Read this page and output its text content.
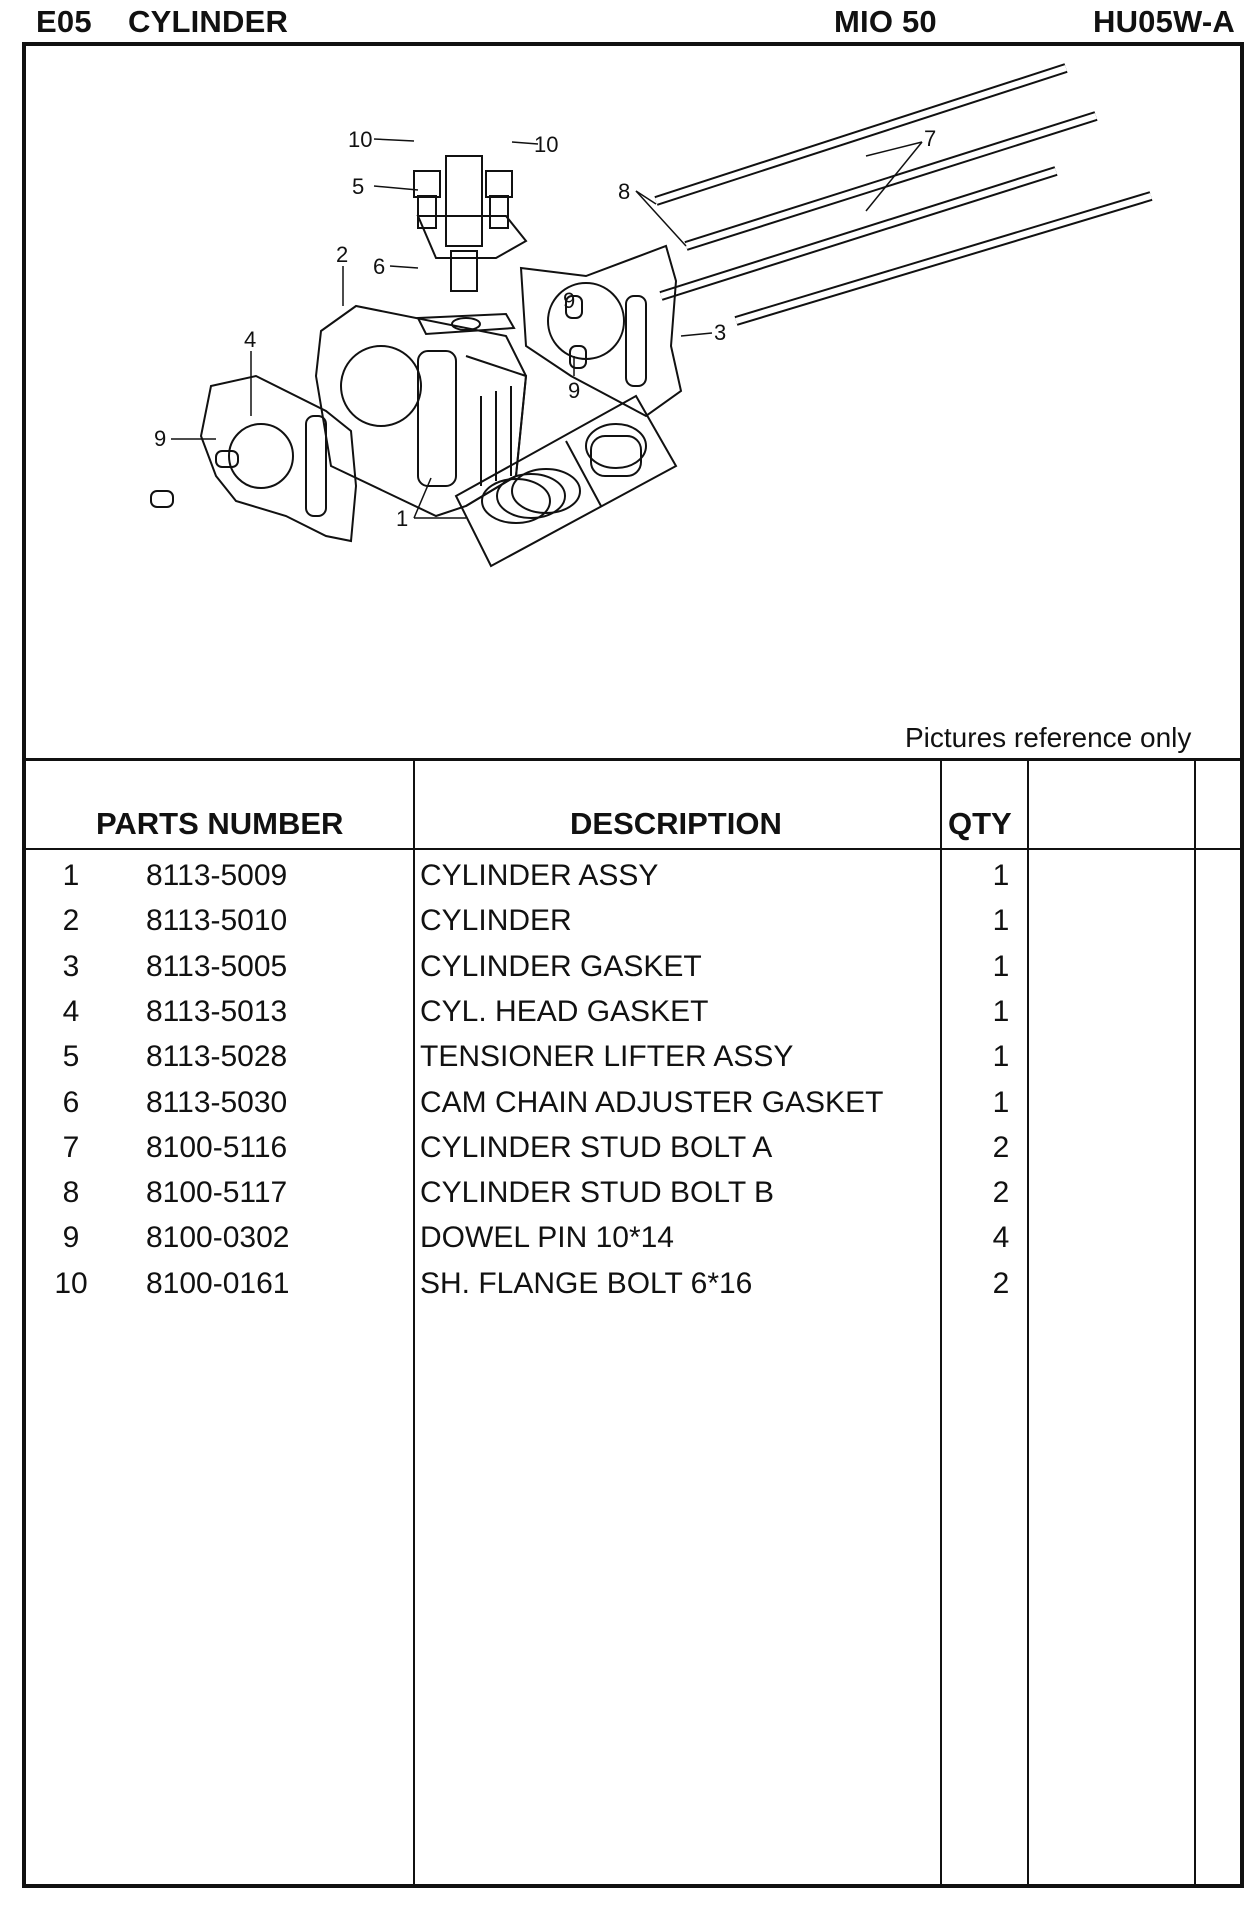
E05 CYLINDER	MIO 50	HU05W-A
10	10
5
2 6
7
8
3
4
9
9
9
1
Pictures reference only
PARTS NUMBER	DESCRIPTION	QTY
1	8113-5009	CYLINDER ASSY	1
2	8113-5010	CYLINDER	1
3	8113-5005	CYLINDER GASKET	1
4	8113-5013	CYL. HEAD GASKET	1
5	8113-5028	TENSIONER LIFTER ASSY	1
6	8113-5030	CAM CHAIN ADJUSTER GASKET	1
7	8100-5116	CYLINDER STUD BOLT A	2
8	8100-5117	CYLINDER STUD BOLT B	2
9	8100-0302	DOWEL PIN 10*14	4
10 8100-0161	SH. FLANGE BOLT 6*16	2
